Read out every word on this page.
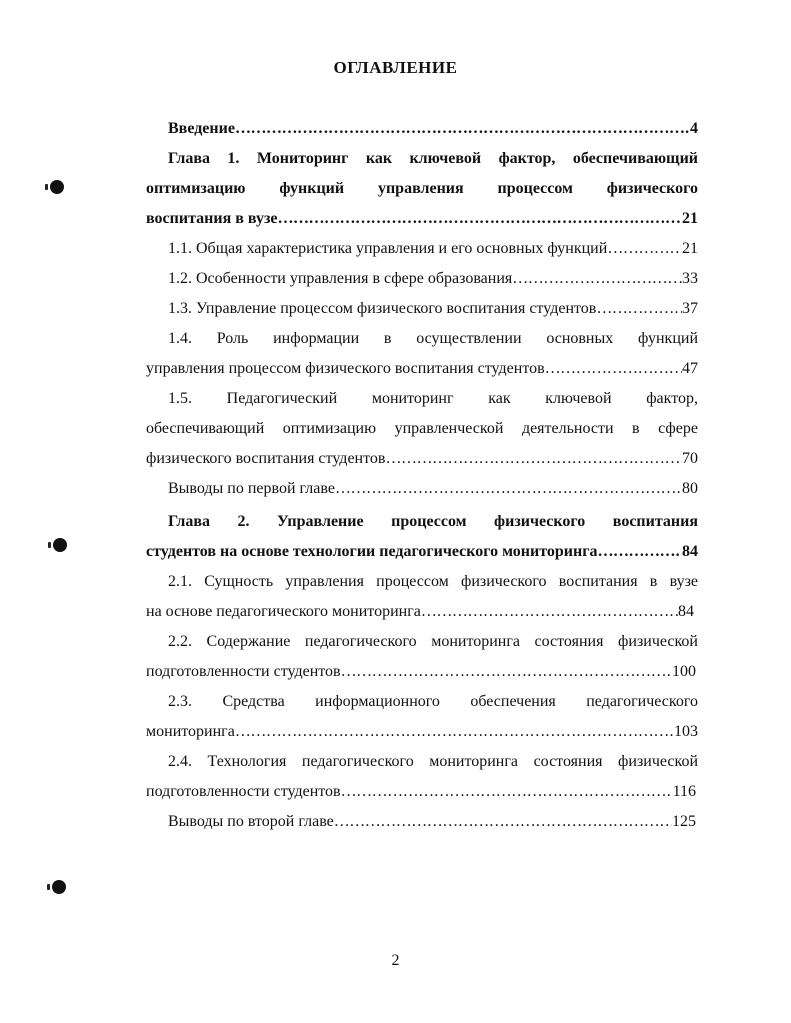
ОГЛАВЛЕНИЕ
Введение ………………………………………………………………………………………………………………………………………………………………	4
Глава 1. Мониторинг как ключевой фактор, обеспечивающий
оптимизацию функций управления процессом физического
воспитания в вузе ………………………………………………………………………………………………………………………………………………………………	21
1.1. Общая характеристика управления и его основных функций ………………………………………………………………………………………………………………………………………………………………	21
1.2. Особенности управления в сфере образования ………………………………………………………………………………………………………………………………………………………………	33
1.3. Управление процессом физического воспитания студентов ………………………………………………………………………………………………………………………………………………………………	37
1.4. Роль информации в осуществлении основных функций
управления процессом физического воспитания студентов ………………………………………………………………………………………………………………………………………………………………	47
1.5. Педагогический мониторинг как ключевой фактор,
обеспечивающий оптимизацию управленческой деятельности в сфере
физического воспитания студентов ………………………………………………………………………………………………………………………………………………………………	70
Выводы по первой главе ………………………………………………………………………………………………………………………………………………………………	80
Глава 2. Управление процессом физического воспитания
студентов на основе технологии педагогического мониторинга ………………………………………………………………………………………………………………………………………………………………	84
2.1. Сущность управления процессом физического воспитания в вузе
на основе педагогического мониторинга ………………………………………………………………………………………………………………………………………………………………	84
2.2. Содержание педагогического мониторинга состояния физической
подготовленности студентов ………………………………………………………………………………………………………………………………………………………………	100
2.3. Средства информационного обеспечения педагогического
мониторинга ………………………………………………………………………………………………………………………………………………………………	103
2.4. Технология педагогического мониторинга состояния физической
подготовленности студентов ………………………………………………………………………………………………………………………………………………………………	116
Выводы по второй главе ………………………………………………………………………………………………………………………………………………………………	125
2
